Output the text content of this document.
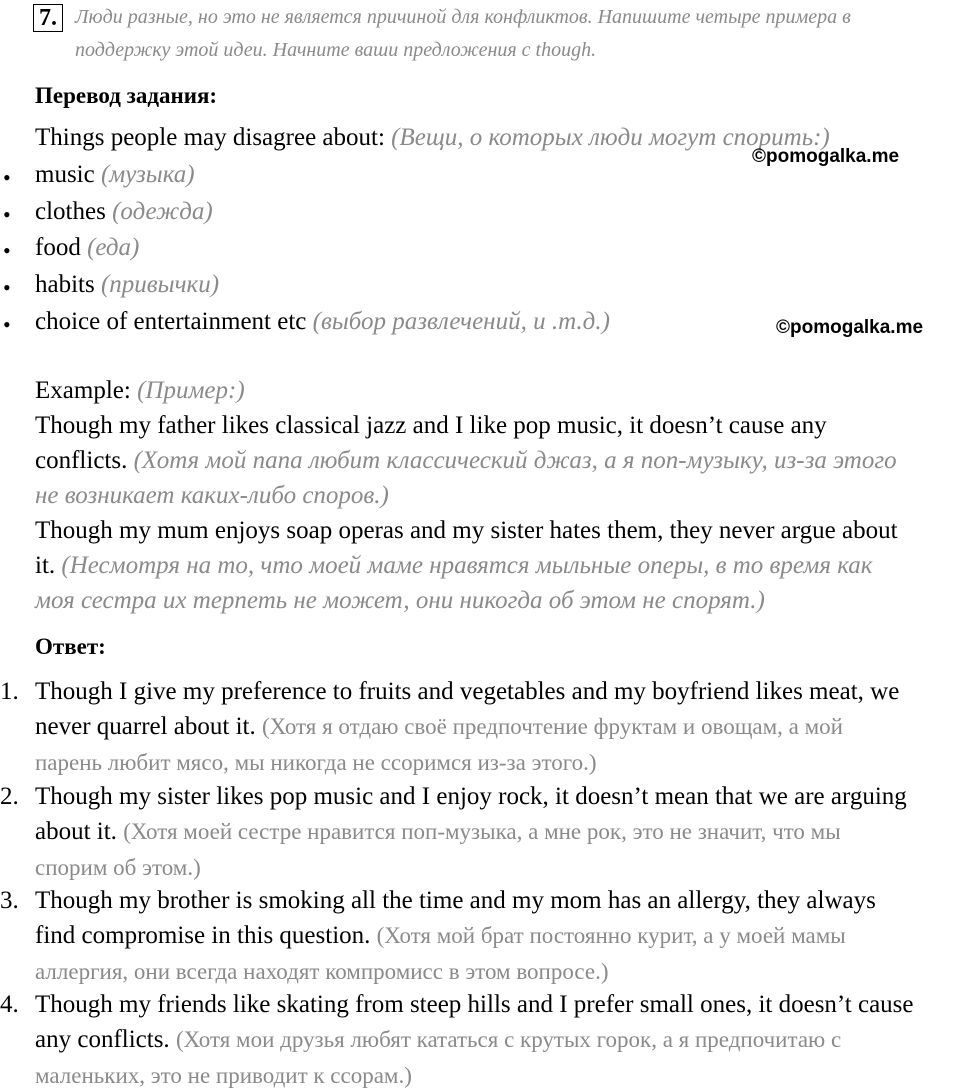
7. Люди разные, но это не является причиной для конфликтов. Напишите четыре примера в
поддержку этой идеи. Начните ваши предложения с though.
Перевод задания:
Things people may disagree about: (Вещи, о которых люди могут спорить:)
• music (музыка)
• clothes (одежда)
• food (еда)
• habits (привычки)
• choice of entertainment etc (выбор развлечений, и .т.д.)
©pomogalka.me
©pomogalka.me
Example: (Пример:)
Though my father likes classical jazz and I like pop music, it doesn’t cause any
conflicts. (Хотя мой папа любит классический джаз, а я поп-музыку, из-за этого
не возникает каких-либо споров.)
Though my mum enjoys soap operas and my sister hates them, they never argue about
it. (Несмотря на то, что моей маме нравятся мыльные оперы, в то время как
моя сестра их терпеть не может, они никогда об этом не спорят.)
Ответ:
1. Though I give my preference to fruits and vegetables and my boyfriend likes meat, we
never quarrel about it. (Хотя я отдаю своё предпочтение фруктам и овощам, а мой
парень любит мясо, мы никогда не ссоримся из-за этого.)
2. Though my sister likes pop music and I enjoy rock, it doesn’t mean that we are arguing
about it. (Хотя моей сестре нравится поп-музыка, а мне рок, это не значит, что мы
спорим об этом.)
3. Though my brother is smoking all the time and my mom has an allergy, they always
find compromise in this question. (Хотя мой брат постоянно курит, а у моей мамы
аллергия, они всегда находят компромисс в этом вопросе.)
4. Though my friends like skating from steep hills and I prefer small ones, it doesn’t cause
any conflicts. (Хотя мои друзья любят кататься с крутых горок, а я предпочитаю с
маленьких, это не приводит к ссорам.)
